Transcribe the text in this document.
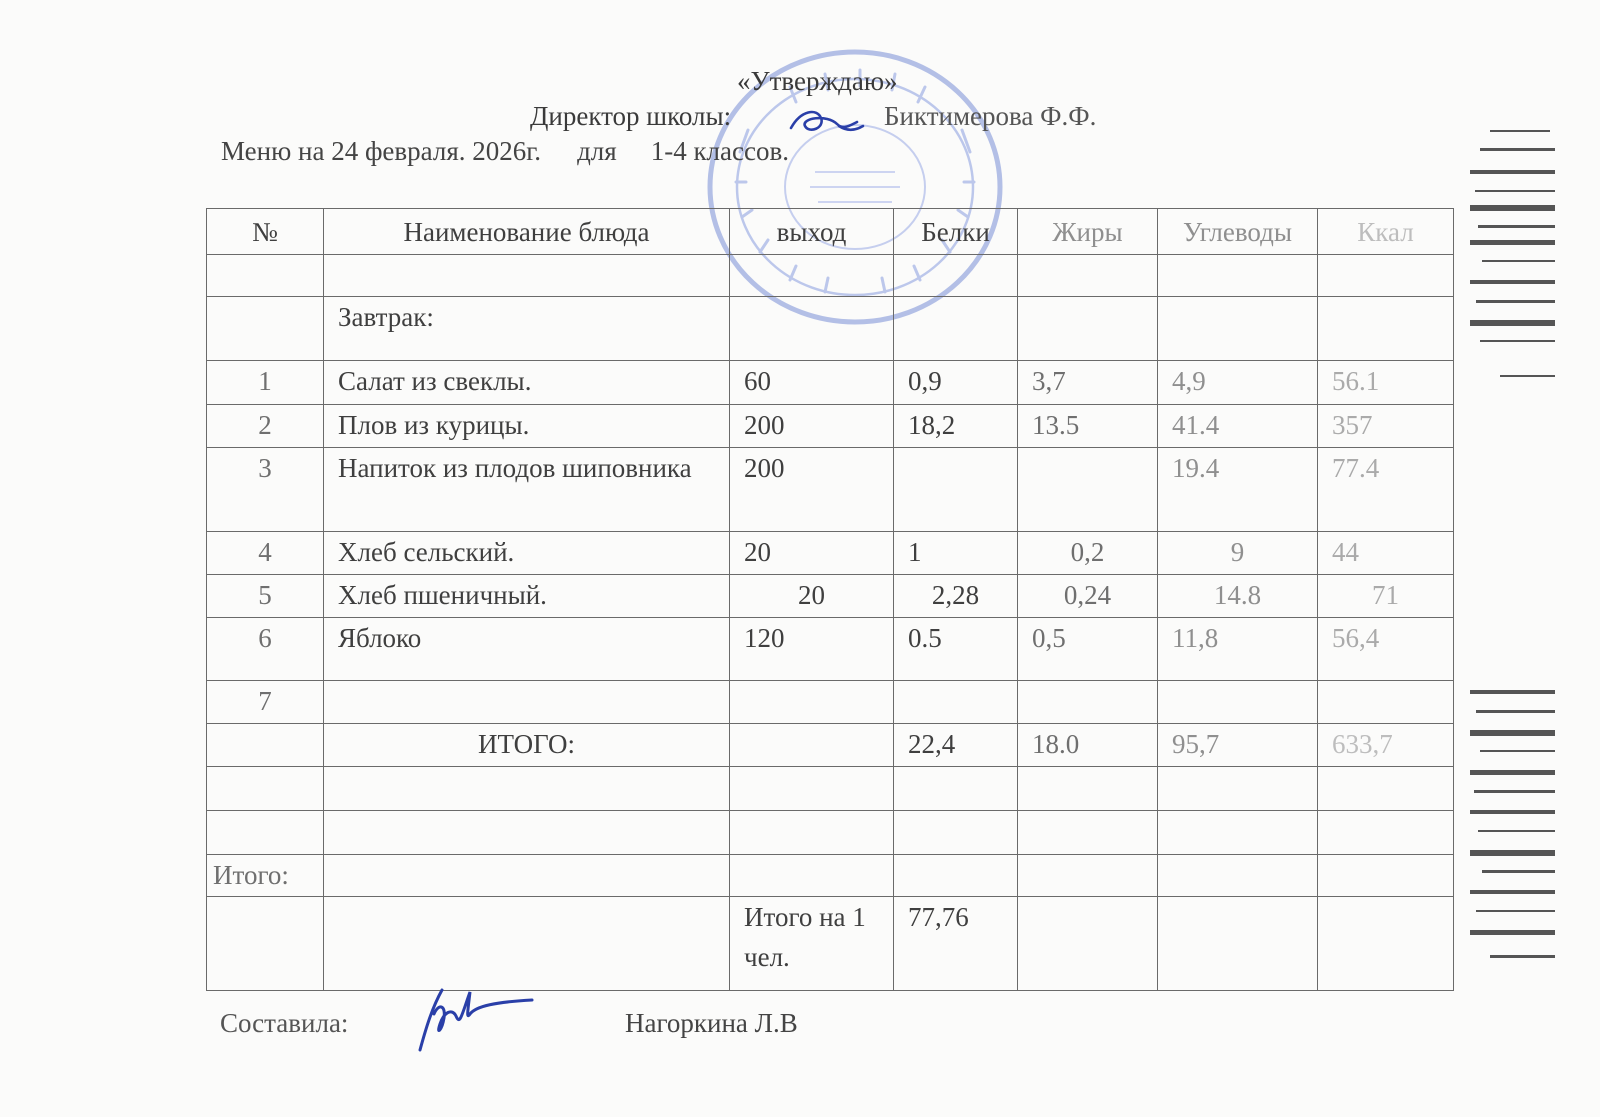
«Утверждаю»
Директор школы:	Биктимерова Ф.Ф.
Меню на 24 февраля. 2026г. для 1-4 классов.
№	Наименование блюда	выход	Белки	Жиры	Углеводы	Ккал

	Завтрак:					
1	Салат из свеклы.	60	0,9	3,7	4,9	56.1
2	Плов из курицы.	200	18,2	13.5	41.4	357
3	Напиток из плодов шиповника	200			19.4	77.4
4	Хлеб сельский.	20	1	0,2	9	44
5	Хлеб пшеничный.	20	2,28	0,24	14.8	71
6	Яблоко	120	0.5	0,5	11,8	56,4
7						
	ИТОГО:		22,4	18.0	95,7	633,7

Итого:						
		Итого на 1 чел.	77,76			
Составила:	Нагоркина Л.В
